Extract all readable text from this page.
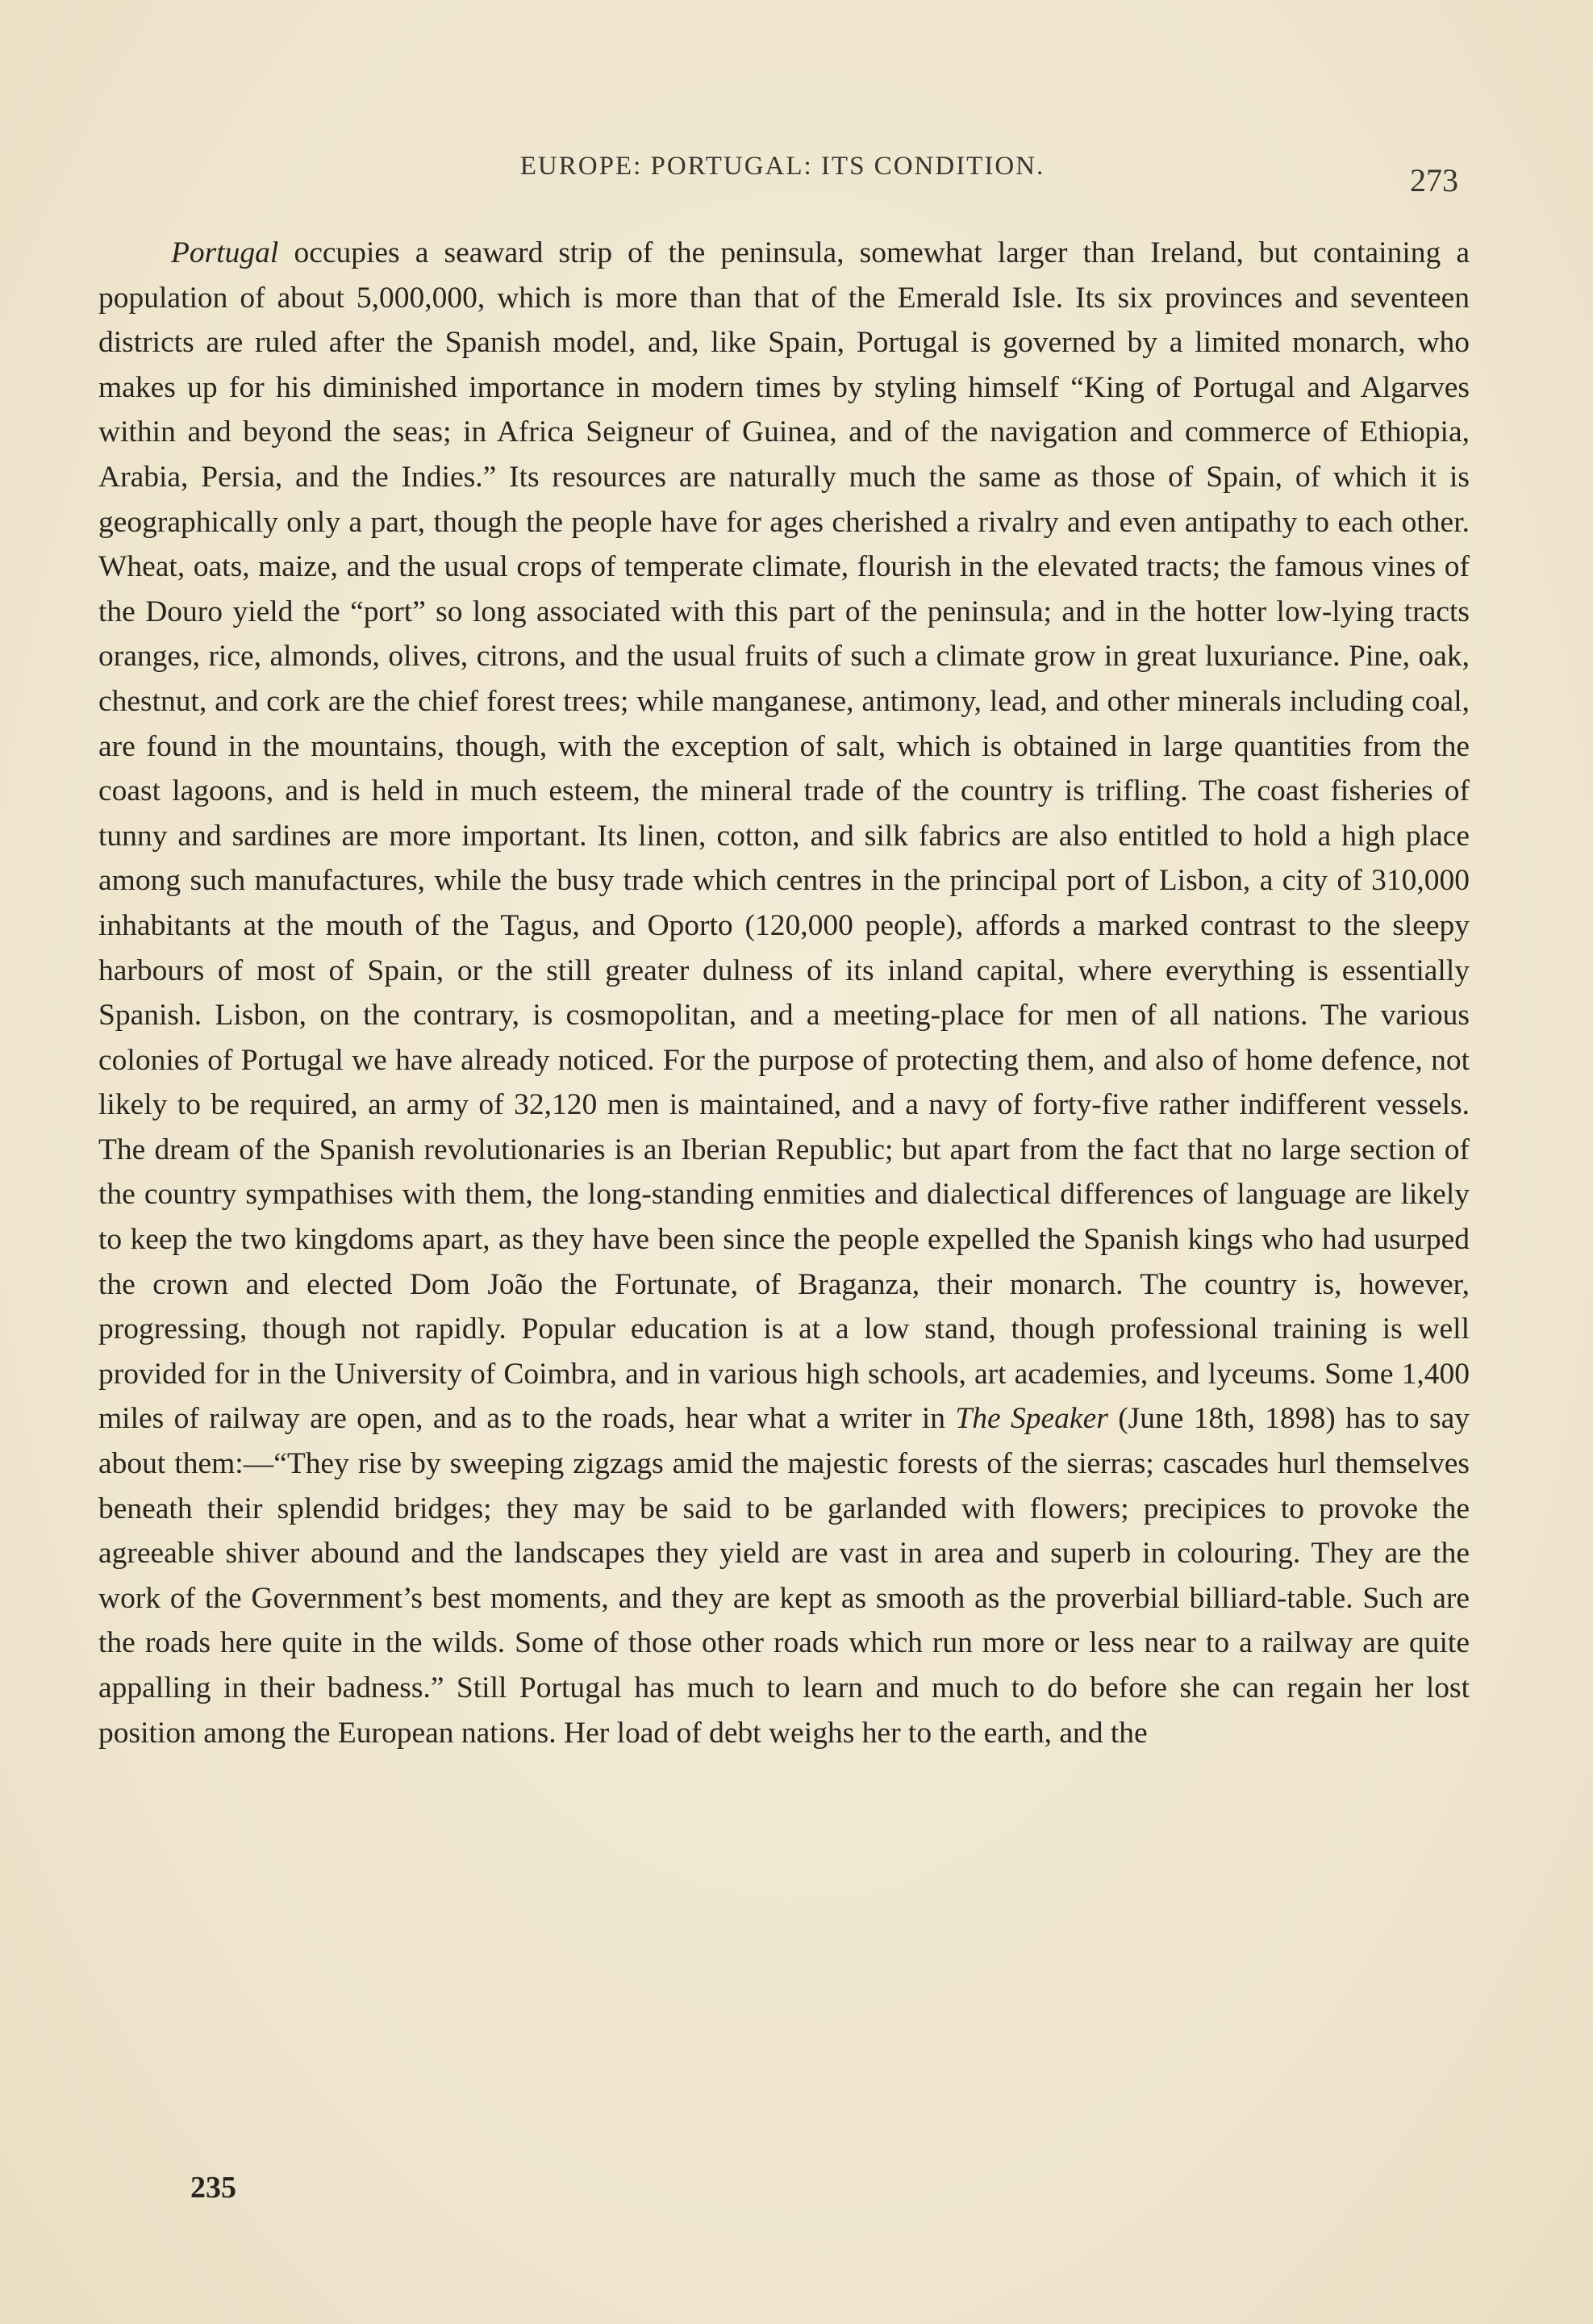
EUROPE: PORTUGAL: ITS CONDITION.	273

Portugal occupies a seaward strip of the peninsula, somewhat larger than Ireland, but containing a population of about 5,000,000, which is more than that of the Emerald Isle. Its six provinces and seventeen districts are ruled after the Spanish model, and, like Spain, Portugal is governed by a limited monarch, who makes up for his diminished importance in modern times by styling himself “King of Portugal and Algarves within and beyond the seas; in Africa Seigneur of Guinea, and of the navigation and commerce of Ethiopia, Arabia, Persia, and the Indies.” Its resources are naturally much the same as those of Spain, of which it is geographically only a part, though the people have for ages cherished a rivalry and even antipathy to each other. Wheat, oats, maize, and the usual crops of temperate climate, flourish in the elevated tracts; the famous vines of the Douro yield the “port” so long associated with this part of the peninsula; and in the hotter low-lying tracts oranges, rice, almonds, olives, citrons, and the usual fruits of such a climate grow in great luxuriance. Pine, oak, chestnut, and cork are the chief forest trees; while manganese, antimony, lead, and other minerals including coal, are found in the mountains, though, with the exception of salt, which is obtained in large quantities from the coast lagoons, and is held in much esteem, the mineral trade of the country is trifling. The coast fisheries of tunny and sardines are more important. Its linen, cotton, and silk fabrics are also entitled to hold a high place among such manufactures, while the busy trade which centres in the principal port of Lisbon, a city of 310,000 inhabitants at the mouth of the Tagus, and Oporto (120,000 people), affords a marked contrast to the sleepy harbours of most of Spain, or the still greater dulness of its inland capital, where everything is essentially Spanish. Lisbon, on the contrary, is cosmopolitan, and a meeting-place for men of all nations. The various colonies of Portugal we have already noticed. For the purpose of protecting them, and also of home defence, not likely to be required, an army of 32,120 men is maintained, and a navy of forty-five rather indifferent vessels. The dream of the Spanish revolutionaries is an Iberian Republic; but apart from the fact that no large section of the country sympathises with them, the long-standing enmities and dialectical differences of language are likely to keep the two kingdoms apart, as they have been since the people expelled the Spanish kings who had usurped the crown and elected Dom João the Fortunate, of Braganza, their monarch. The country is, however, progressing, though not rapidly. Popular education is at a low stand, though professional training is well provided for in the University of Coimbra, and in various high schools, art academies, and lyceums. Some 1,400 miles of railway are open, and as to the roads, hear what a writer in The Speaker (June 18th, 1898) has to say about them:—“They rise by sweeping zigzags amid the majestic forests of the sierras; cascades hurl themselves beneath their splendid bridges; they may be said to be garlanded with flowers; precipices to provoke the agreeable shiver abound and the landscapes they yield are vast in area and superb in colouring. They are the work of the Government’s best moments, and they are kept as smooth as the proverbial billiard-table. Such are the roads here quite in the wilds. Some of those other roads which run more or less near to a railway are quite appalling in their badness.” Still Portugal has much to learn and much to do before she can regain her lost position among the European nations. Her load of debt weighs her to the earth, and the

235
